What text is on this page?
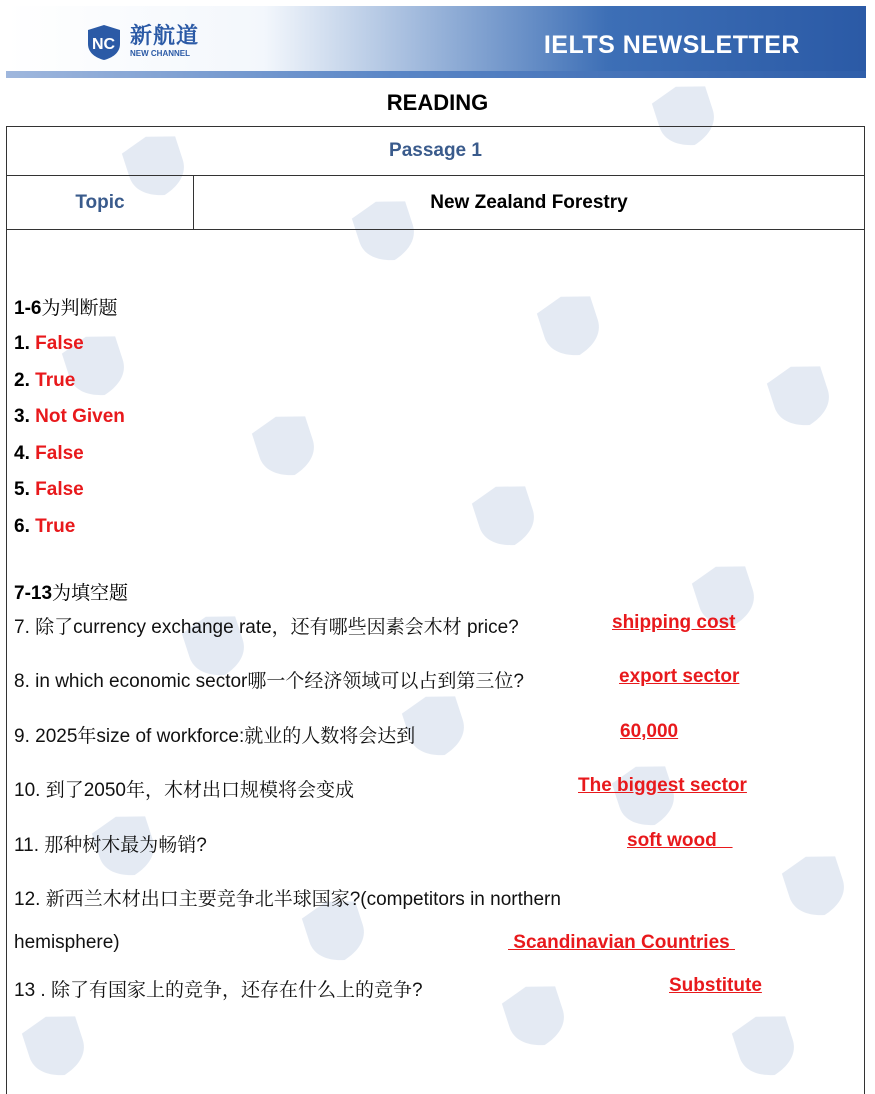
NC 新航道
NEW CHANNEL	IELTS NEWSLETTER
READING
Passage 1
Topic	New Zealand Forestry
1-6为判断题
1. False
2. True
3. Not Given
4. False
5. False
6. True
7-13为填空题
7. 除了currency exchange rate，还有哪些因素会木材 price?	shipping cost
8. in which economic sector哪一个经济领域可以占到第三位?	export sector
9. 2025年size of workforce:就业的人数将会达到	60,000
10. 到了2050年，木材出口规模将会变成	The biggest sector
11. 那种树木最为畅销?	soft wood
12. 新西兰木材出口主要竞争北半球国家?(competitors in northern
hemisphere)	Scandinavian Countries
13 . 除了有国家上的竞争，还存在什么上的竞争?	Substitute
